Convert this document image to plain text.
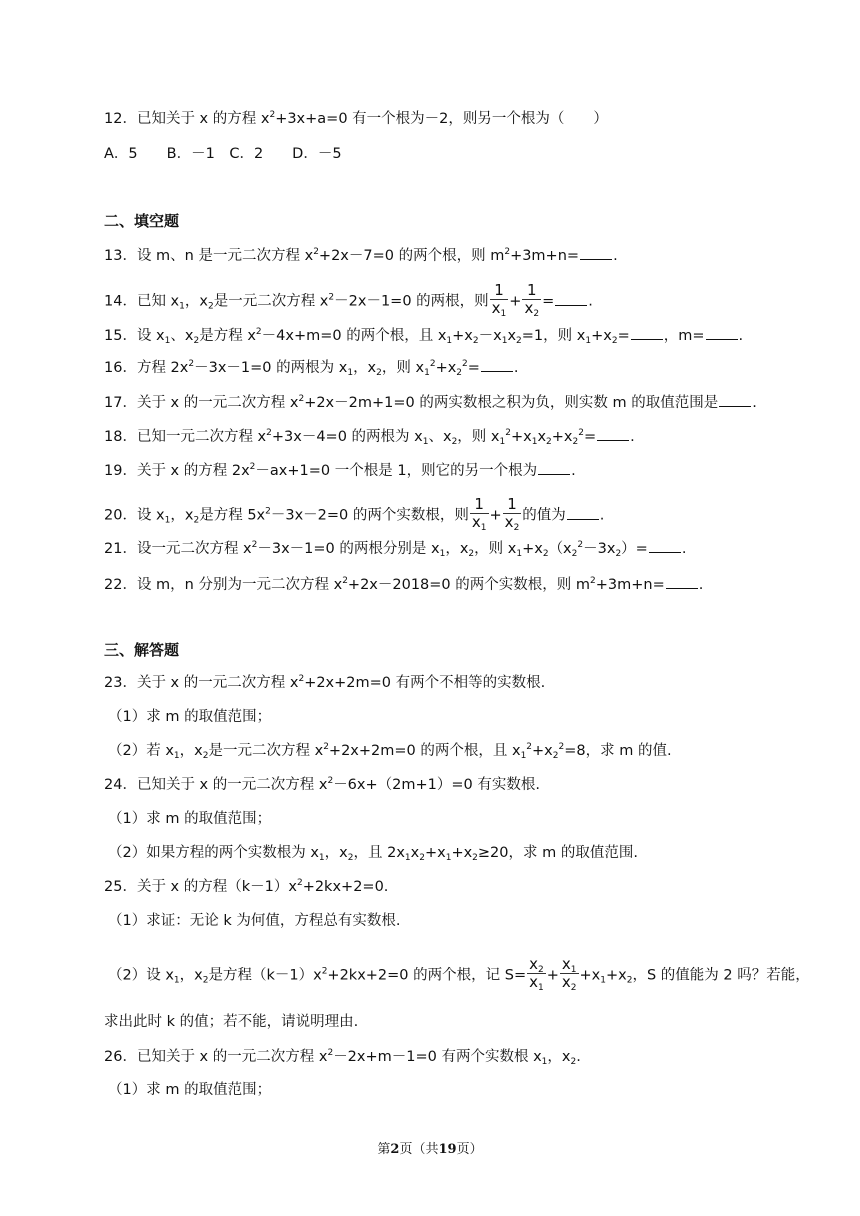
12．已知关于 x 的方程 $x^2+3x+a=0$ 有一个根为－2，则另一个根为（　　）
A．5　　B．－1　C．2　　D．－5
二、填空题
13．设 m、n 是一元二次方程 $x^2+2x-7=0$ 的两个根，则 $m^2+3m+n=$ .
14．已知 $x_1$，$x_2$是一元二次方程 $x^2-2x-1=0$ 的两根，则 $\frac{1}{x_1} + \frac{1}{x_2}$ = .
15．设 $x_1$、$x_2$是方程 $x^2-4x+m=0$ 的两个根，且 $x_1+x_2-x_1x_2=1$，则 $x_1+x_2=$ ，m= .
16．方程 $2x^2-3x-1=0$ 的两根为 $x_1$，$x_2$，则 $x_1^2+x_2^2=$ .
17．关于 x 的一元二次方程 $x^2+2x-2m+1=0$ 的两实数根之积为负，则实数 m 的取值范围是 .
18．已知一元二次方程 $x^2+3x-4=0$ 的两根为 $x_1$、$x_2$，则 $x_1^2+x_1x_2+x_2^2=$ .
19．关于 x 的方程 $2x^2-ax+1=0$ 一个根是 1，则它的另一个根为 .
20．设 $x_1$，$x_2$是方程 $5x^2-3x-2=0$ 的两个实数根，则 $\frac{1}{x_1} + \frac{1}{x_2}$ 的值为 .
21．设一元二次方程 $x^2-3x-1=0$ 的两根分别是 $x_1$，$x_2$，则 $x_1+x_2(x_2^2-3x_2)=$ .
22．设 m，n 分别为一元二次方程 $x^2+2x-2018=0$ 的两个实数根，则 $m^2+3m+n=$ .
三、解答题
23．关于 x 的一元二次方程 $x^2+2x+2m=0$ 有两个不相等的实数根.
（1）求 m 的取值范围；
（2）若 $x_1$，$x_2$是一元二次方程 $x^2+2x+2m=0$ 的两个根，且 $x_1^2+x_2^2=8$，求 m 的值.
24．已知关于 x 的一元二次方程 $x^2-6x+(2m+1)=0$ 有实数根.
（1）求 m 的取值范围；
（2）如果方程的两个实数根为 $x_1$，$x_2$，且 $2x_1x_2+x_1+x_2\ge 20$，求 m 的取值范围.
25．关于 x 的方程$(k-1)x^2+2kx+2=0$.
（1）求证：无论 k 为何值，方程总有实数根.
（2）设 $x_1$，$x_2$是方程$(k-1)x^2+2kx+2=0$ 的两个根，记 $S= \frac{x_2}{x_1} + \frac{x_1}{x_2} +x_1+x_2$，S 的值能为 2 吗？若能，
求出此时 k 的值；若不能，请说明理由.
26．已知关于 x 的一元二次方程 $x^2-2x+m-1=0$ 有两个实数根 $x_1$，$x_2$.
（1）求 m 的取值范围；
第2页（共19页）
